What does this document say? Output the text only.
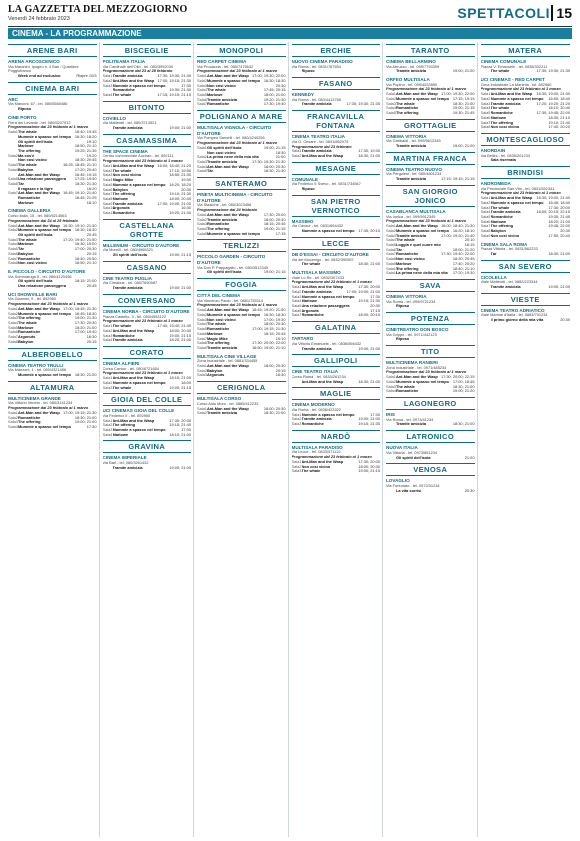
LA GAZZETTA DEL MEZZOGIORNO
Venerdì 24 febbraio 2023	SPETTACOLI 15
CINEMA - LA PROGRAMMAZIONE
ARENE BARI
ARENA ARCOSCENICO
Via Maranini, Ipogeo n. 4 Bari / Quartiere Poggiofranco
Week end ad esclusivo	Riapre 10/3
CINEMA BARI
ABC
Via Marconi, 67 - tel. 080/5560486
Riposo
CINE PORTO
Fiera del Levante - tel. 080/5207012
Programmazione dal 23 febbraio al 1 marzo
Sala1 The whale	16:40; 19:45
Mummie a spasso nel tempo 16:30; 18:20
Gli spiriti dell'isola	19:10
Marlowe	18:50; 21:10
The offering	19:25; 21:35
Sala2 Ma cos'è	19:20
Non così vicino	18:30; 20:45
Sala3 The whale	16:25; 18:45; 21:10
Sala4 Babylon	17:20; 20:40
Ant-Man and the Wasp	16:45; 19:15
Sala5 Una relazione passeggera	17:25; 19:40
Sala6 Tár	18:30; 21:30
Il ragazzo e la tigre	16:20
Sala7 Ant-Man and the Wasp 16:45; 19:10; 21:40
Romantiche	16:45; 21:25
Marlowe	18:10
CINEMA GALLERIA
Corso Italia, 15 - tel. 080/5214563
Programmazione dal 24 al 28 febbraio
Sala1 Ant-Man and the Wasp 16:30; 19:10; 21:30
Sala2 Mummie a spasso nel tempo 16:30; 18:30
Gli spiriti dell'isola	20:45
Sala3 The whale	17:20; 19:40; 21:50
Sala4 Marlowe	16:30; 19:00
Sala5 Tár	17:00; 20:30
Sala6 Babylon	20:15
Sala7 Romantiche	18:40; 20:50
Sala8 Non così vicino	16:50; 21:10
IL PICCOLO - CIRCUITO D'AUTORE
Via Sommaruga 5 - tel. 080/4120456
Gli spiriti dell'isola	18:15; 21:00
Una relazione passeggera	20:45
UCI SHOWVILLE BARI
Via Giannini, 9 - tel. 892960
Programmazione dal 23 febbraio al 1 marzo
Sala1 Ant-Man and the Wasp 17:00; 18:45; 21:30
Sala2 Mummie a spasso nel tempo 16:45; 18:30
Sala3 The offering	19:00; 21:30
Sala4 The whale	17:30; 20:30
Sala5 Marlowe	18:20; 21:00
Sala6 Romantiche	17:00; 19:40
Sala7 Argonuts	16:30
Sala8 Babylon	20:15
ALBEROBELLO
CINEMA TEATRO TRULLI
Via Manzoni, 1 - tel. 080/4321456
Mummie a spasso nel tempo 18:30; 21:00
ALTAMURA
MULTICINEMA GRANDE
Via Vittorio Veneto - tel. 080/3141234
Programmazione dal 23 febbraio al 1 marzo
Sala1 Ant-Man and the Wasp 17:00; 19:15; 21:30
Sala2 Romantiche	18:30; 21:00
Sala3 The offering	19:00; 21:00
Sala4 Mummie a spasso nel tempo	17:30
BISCEGLIE
POLITEAMA ITALIA
Via Cardinale dell'Olio - tel. 080/3952030
Programmazione dal 23 al 28 febbraio
Sala1 Tramite amicizia	17:30; 19:30; 21:30
Sala2 Ant-Man and the Wasp 17:00; 19:15; 21:30
Sala3 Mummie a spasso nel tempo	17:30
Romantiche	19:30; 21:30
Sala4 The whale	17:15; 19:15; 21:15
BITONTO
COVIELLO
Via Matteotti - tel. 080/3713521
Tramite amicizia	19:00; 21:00
CASAMASSIMA
THE SPACE CINEMA
Centro commerciale Auchan - tel. 892111
Programmazione dal 23 febbraio al 1 marzo
Sala1 Ant-Man and the Wasp 16:00; 18:40; 21:20
Sala2 The whale	17:10; 19:50
Sala3 Non così vicino	18:50; 21:30
Sala4 Magic Mike	19:30
Sala5 Mummie a spasso nel tempo 16:20; 18:20
Sala6 Babylon	20:30
Sala7 The offering	19:10; 21:30
Sala8 Marlowe	18:00; 20:40
Sala9 Tramite amicizia	17:00; 19:00; 21:00
Sala10
Argonuts	16:30
Sala11
Romantiche	19:20; 21:40
CASTELLANA GROTTE
MILLENIUM - CIRCUITO D'AUTORE
Via Morelli - tel. 080/4965321
Gli spiriti dell'isola	19:00; 21:15
CASSANO
CINE TEATRO PUGLIA
Via Cimabue - tel. 080/7650987
Tramite amicizia	19:00; 21:00
CONVERSANO
CINEMA NORBA - CIRCUITO D'AUTORE
Piazza Castello, 3 - tel. 080/4953122
Programmazione dal 23 febbraio al 1 marzo
Sala1 The whale	17:40; 19:40; 21:40
Sala2 Ant-Man and the Wasp	18:00; 20:30
Sala3 Romantiche	19:00; 21:15
Sala4 Tramite amicizia	18:20; 21:00
CORATO
CINEMA ALFIERI
Corso Cavour - tel. 080/8721654
Programmazione dal 23 febbraio al 1 marzo
Sala1 Ant-Man and the Wasp	18:15; 21:00
Sala2 Mummie a spasso nel tempo	18:00
Sala3 The whale	19:00; 21:15
GIOIA DEL COLLE
UCI CINEMAS GIOIA DEL COLLE
Via Federico II - tel. 892960
Sala1 Ant-Man and the Wasp	17:30; 20:30
Sala2 The offering	19:15; 21:40
Sala3 Mummie a spasso nel tempo	17:00
Sala4 Marlowe	18:10; 21:00
GRAVINA
CINEMA IMPERIALE
Via Bari - tel. 080/3261432
Tramite amicizia	19:00; 21:00
MONOPOLI
RED CARPET CINEMA
Via Procaccia - tel. 080/7475632
Programmazione dal 23 febbraio al 1 marzo
Sala1 Ant-Man and the Wasp 17:00; 19:30; 22:00
Sala2 Mummie a spasso nel tempo 16:30; 18:30
Sala3 Non così vicino	20:30
Sala4 The whale	17:45; 20:15
Sala5 Marlowe	18:00; 21:00
Sala6 Tramite amicizia	19:20; 21:30
Sala7 Romantiche	17:30; 19:40
POLIGNANO A MARE
MULTISALA VIGNOLA - CIRCUITO D'AUTORE
Via Pompeo Sarnelli - tel. 080/4240256
Programmazione dal 23 febbraio al 1 marzo
Sala1 Gli spiriti dell'isola	19:00; 21:15
Non così vicino	18:30
Sala2 La prima neve della mia vita	21:00
Sala3 Tramite amicizia	17:30; 19:30; 21:30
Sala4 Ant-Man and the Wasp	18:00; 20:30
Sala5 Tár	18:30; 21:30
SANTERAMO
PINETA MULTICINEMA - CIRCUITO D'AUTORE
Via Stazione - tel. 080/3023456
Programmazione dal 24 febbraio
Sala1 Ant-Man and the Wasp	17:30; 20:00
Sala2 Tramite amicizia	18:00; 20:30
Sala3 Romantiche	18:15; 20:45
Sala4 The offering	19:00; 21:15
Sala5 Mummie a spasso nel tempo	17:15
TERLIZZI
PICCOLO GARDEN - CIRCUITO D'AUTORE
Via Don P. Pappagallo - tel. 080/3512345
Gli spiriti dell'isola	19:00; 21:15
FOGGIA
CITTÀ DEL CINEMA
Via Vincenzo Paolo - tel. 0881/725314
Programmazione dal 23 febbraio al 1 marzo
Sala1 Ant-Man and the Wasp 16:45; 19:20; 21:50
Sala2 Mummie a spasso nel tempo 16:30; 18:30
Sala3 Non così vicino	17:00; 19:30
Sala4 The whale	18:00; 20:30
Sala5 Romantiche	17:00; 19:15; 21:30
Sala6 Marlowe	18:15; 20:45
Sala7 Magic Mike	19:10
Sala8 The offering	17:30; 20:00; 22:00
Sala9 Tramite amicizia	16:50; 19:00; 21:10
MULTISALA CINE VILLAGE
Zona Industriale - tel. 0881/334455
Sala1 Ant-Man and the Wasp	18:00; 20:30
Sala2 Babylon	20:15
Sala3 Argonuts	16:30
CERIGNOLA
MULTISALA CORSO
Corso Aldo Moro - tel. 0885/412233
Sala1 Ant-Man and the Wasp	18:00; 20:30
Sala2 Tramite amicizia	18:30; 21:00
ERCHIE
NUOVO CINEMA PARADISO
Via Roma - tel. 0831/767654
Riposo
FASANO
KENNEDY
Via Roma - tel. 080/4413765
Tramite amicizia	17:30; 19:30; 21:30
FRANCAVILLA FONTANA
CINEMA TEATRO ITALIA
Via G. Cesare - tel. 0831/852075
Programmazione dal 23 febbraio
Sala1 Tramite amicizia	17:30; 19:30
Sala2 Ant-Man and the Wasp	18:30; 21:00
MESAGNE
COMUNALE
Via Federico II Svevo - tel. 0831/734567
Riposo
SAN PIETRO VERNOTICO
MASSIMO
Via Cavour - tel. 0831/654432
Mummie a spasso nel tempo 17:45; 20:15
LECCE
DB D'ESSAI - CIRCUITO D'AUTORE
Via dei Mocenigo - tel. 0832/390557
The whale	18:30; 21:00
MULTISALA MASSIMO
Viale Lo Re - tel. 0832/307433
Programmazione dal 23 febbraio al 1 marzo
Sala1 Ant-Man and the Wasp	17:30; 20:00
Sala2 Tramite amicizia	17:00; 19:00; 21:00
Sala3 Mummie a spasso nel tempo	17:30
Sala4 Marlowe	19:15; 21:30
Sala5 Una relazione passeggera	20:30
Sala6 Argonuts	17:15
Sala7 Romantiche	18:00; 20:15
GALATINA
TARTARO
Via Vittorio Emanuele - tel. 0836/566432
Tramite amicizia	19:00; 21:00
GALLIPOLI
CINE TEATRO ITALIA
Corso Roma - tel. 0833/261234
Ant-Man and the Wasp	18:30; 21:00
MAGLIE
CINEMA MODERNO
Via Roma - tel. 0836/423322
Sala1 Mummie a spasso nel tempo	17:30
Sala2 Tramite amicizia	19:00; 21:00
Sala3 Romantiche	19:15; 21:30
NARDÒ
MULTISALA PARADISO
Via Lecce - tel. 0833/571122
Programmazione dal 23 febbraio al 1 marzo
Sala1 Ant-Man and the Wasp	17:30; 20:00
Sala2 Non così vicino	18:00; 20:30
Sala3 The whale	19:00; 21:15
TARANTO
CINEMA BELLARMINO
Via Abruzzo - tel. 099/7793399
Tramite amicizia	19:00; 21:00
ORFEO MULTISALA
Via Pupino - tel. 099/4533590
Programmazione dal 23 febbraio al 1 marzo
Sala1 Ant-Man and the Wasp 17:00; 19:30; 22:00
Sala2 Mummie a spasso nel tempo 17:15; 19:15
Sala3 The whale	18:30; 21:00
Sala4 Romantiche	19:00; 21:15
Sala5 The offering	19:30; 21:45
GROTTAGLIE
CINEMA VITTORIA
Via Garibaldi - tel. 099/5612345
Tramite amicizia	19:00; 21:00
MARTINA FRANCA
CINEMA TEATRO NUOVO
Via Pergolesi - tel. 080/4801234
Tramite amicizia	17:15; 19:15; 21:15
SAN GIORGIO JONICO
CASABLANCA MULTISALA
Via Ionica - tel. 099/5912345
Programmazione dal 23 febbraio al 1 marzo
Sala1 Ant-Man and the Wasp 16:00; 18:40; 21:30
Sala2 Mummie a spasso nel tempo 16:20; 18:10
Sala3 Tramite amicizia	17:00; 19:20; 21:40
Sala4 The whale	20:10
Sala5 Loggia e quel cuore mio	16:15
Sala6 Tár	18:00; 21:20
Sala7 Romantiche	17:30; 19:40; 22:00
Sala8 Non così vicino	18:20; 20:45
Sala9 Marlowe	17:40; 20:20
Sala10
The offering	18:40; 21:10
Sala11
La prima neve della mia vita	17:20; 19:30
SAVA
CINEMA VITTORIA
Via Roma - tel. 099/9721234
Riposo
POTENZA
CINETREATRO DON BOSCO
Via Grippo - tel. 0971/442123
Riposo
TITO
MULTICINEMA RANIERI
Zona Industriale - tel. 0971/485234
Programmazione dal 23 febbraio al 1 marzo
Sala1 Ant-Man and the Wasp 17:30; 20:00; 22:15
Sala2 Mummie a spasso nel tempo 17:00; 18:45
Sala3 The whale	18:30; 21:00
Sala4 Romantiche	19:00; 21:20
LAGONEGRO
IRIS
Via Roma - tel. 0973/41234
Tramite amicizia	18:30; 21:00
LATRONICO
NUOVA ITALIA
Via Vittoria - tel. 0973/851234
Gli spiriti dell'isola	21:00
VENOSA
LOVAGLIO
Via Fortunato - tel. 0972/31234
La vita sorrisi	20:30
MATERA
CINEMA COMUNALE
Piazza V. Emanuele - tel. 0835/332211
The whale	17:30; 19:30; 21:30
UCI CINEMAS - RED CARPET
Zona Industriale La Martella - tel. 892960
Programmazione dal 23 febbraio al 1 marzo
Sala1 Ant-Man and the Wasp	16:30; 19:00; 21:30
Sala2 Mummie a spasso nel tempo	16:50; 18:40
Sala3 Tramite amicizia	17:20; 19:20; 21:20
Sala4 The whale	18:10; 20:40
Sala5 Romantiche	17:30; 19:45; 22:00
Sala6 Marlowe	18:30; 21:10
Sala7 The offering	19:10; 21:40
Sala8 Non così vicino	17:40; 20:20
MONTESCAGLIOSO
ANORDAIN
Via Bellini - tel. 0835/201234
Sala riservata
BRINDISI
ANDROMEDA
Via Provinciale San Vito - tel. 0831/552341
Programmazione dal 23 febbraio al 1 marzo
Sala1 Ant-Man and the Wasp	16:30; 19:00; 21:40
Sala2 Mummie a spasso nel tempo	16:45; 18:40
Sala3 The whale	17:30; 20:00
Sala4 Tramite amicizia	18:00; 20:15; 22:15
Sala5 Romantiche	19:30; 21:45
Sala6 Marlowe	18:20; 21:00
Sala7 The offering	19:45; 22:00
Sala8 Babylon	20:30
Sala9 Non così vicino	17:50; 20:40
CINEMA SALA ROMA
Piazza Vittoria - tel. 0831/562233
Tár	18:30; 21:00
SAN SEVERO
CICOLELLA
Viale Matteotti - tel. 0882/223344
Tramite amicizia	19:00; 21:00
VIESTE
CINEMA TEATRO ADRIATICO
Viale Marinai d'Italia - tel. 0884/701234
Il primo giorno della mia vita	20:30
